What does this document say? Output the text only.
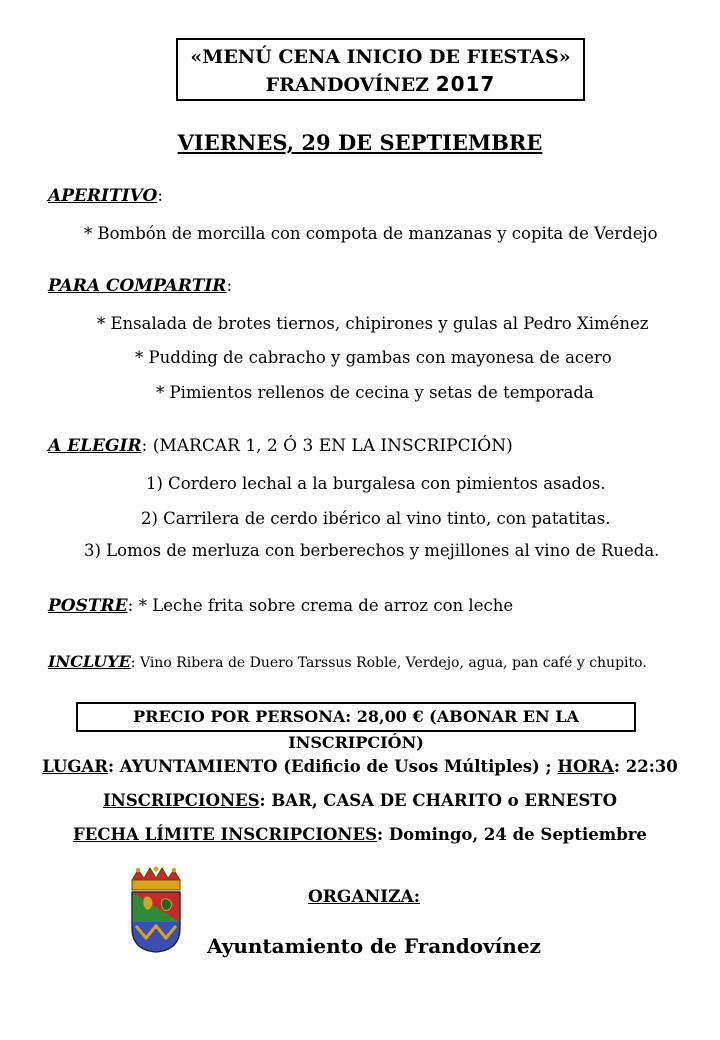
«MENÚ CENA INICIO DE FIESTAS»
FRANDOVÍNEZ 2017
VIERNES, 29 DE SEPTIEMBRE
APERITIVO:
* Bombón de morcilla con compota de manzanas y copita de Verdejo
PARA COMPARTIR:
* Ensalada de brotes tiernos, chipirones y gulas al Pedro Ximénez
* Pudding de cabracho y gambas con mayonesa de acero
* Pimientos rellenos de cecina y setas de temporada
A ELEGIR: (MARCAR 1, 2 Ó 3 EN LA INSCRIPCIÓN)
1) Cordero lechal a la burgalesa con pimientos asados.
2) Carrilera de cerdo ibérico al vino tinto, con patatitas.
3) Lomos de merluza con berberechos y mejillones al vino de Rueda.
POSTRE: * Leche frita sobre crema de arroz con leche
INCLUYE: Vino Ribera de Duero Tarssus Roble, Verdejo, agua, pan café y chupito.
PRECIO POR PERSONA: 28,00 € (ABONAR EN LA INSCRIPCIÓN)
LUGAR: AYUNTAMIENTO (Edificio de Usos Múltiples) ; HORA: 22:30
INSCRIPCIONES: BAR, CASA DE CHARITO o ERNESTO
FECHA LÍMITE INSCRIPCIONES: Domingo, 24 de Septiembre
ORGANIZA:
Ayuntamiento de Frandovínez
